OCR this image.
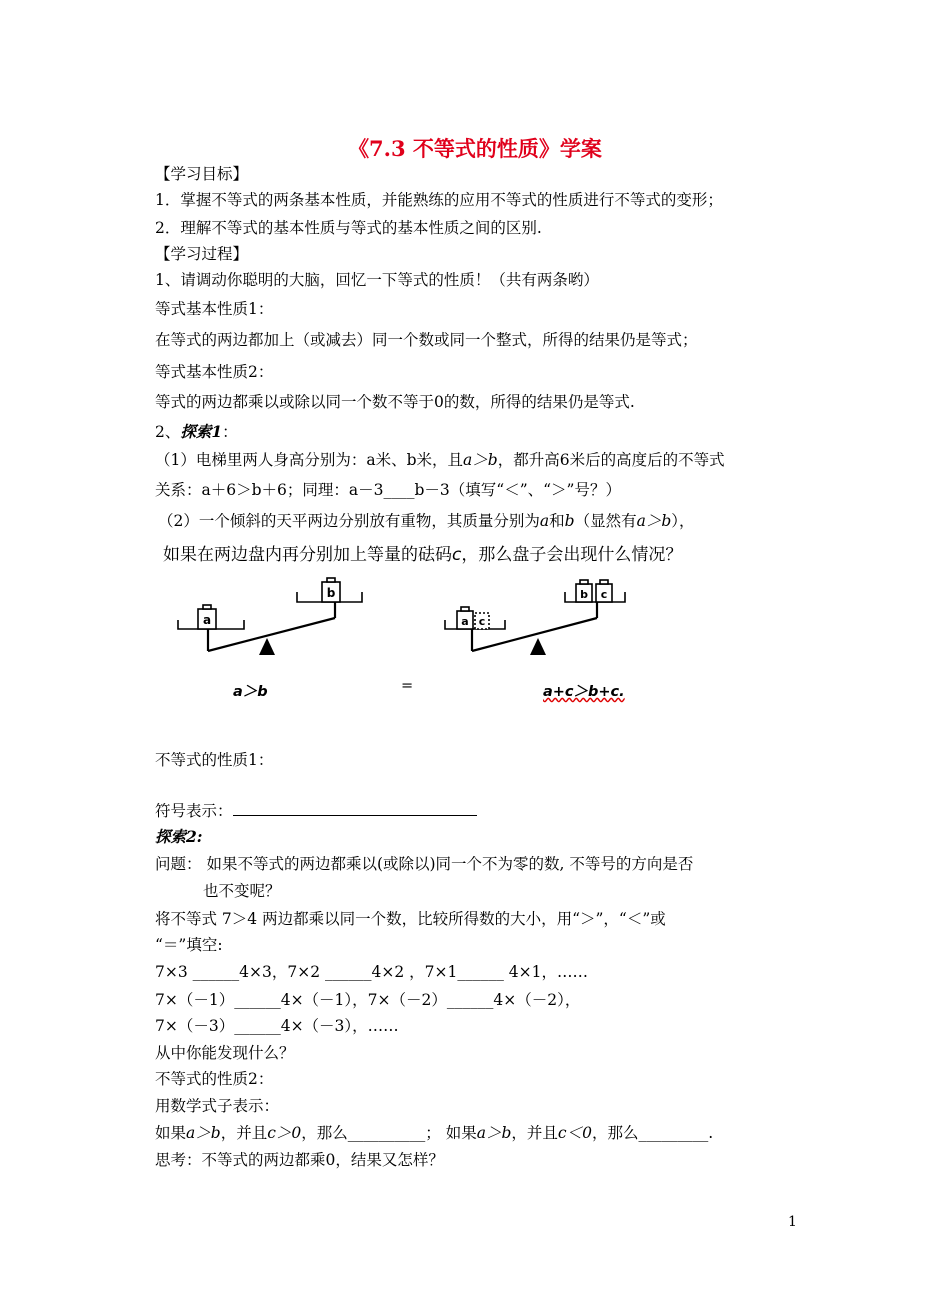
《7.3 不等式的性质》学案
【学习目标】
1．掌握不等式的两条基本性质，并能熟练的应用不等式的性质进行不等式的变形；
2．理解不等式的基本性质与等式的基本性质之间的区别.
【学习过程】
1、请调动你聪明的大脑，回忆一下等式的性质！（共有两条哟）
等式基本性质1：
在等式的两边都加上（或减去）同一个数或同一个整式，所得的结果仍是等式；
等式基本性质2：
等式的两边都乘以或除以同一个数不等于0的数，所得的结果仍是等式.
2、探索1：
（1）电梯里两人身高分别为：a米、b米，且a＞b，都升高6米后的高度后的不等式
关系：a＋6＞b＋6；同理：a－3____b－3（填写“＜”、“＞”号？）
（2）一个倾斜的天平两边分别放有重物，其质量分别为a和b（显然有a＞b），
如果在两边盘内再分别加上等量的砝码c，那么盘子会出现什么情况？
a
b
a c
b c
a＞b	=	a+c＞b+c.
不等式的性质1：
符号表示：
探索2:
问题： 如果不等式的两边都乘以(或除以)同一个不为零的数, 不等号的方向是否
也不变呢？
将不等式 7＞4 两边都乘以同一个数，比较所得数的大小，用“＞”，“＜”或
“＝”填空:
7×3 ______4×3，7×2 ______4×2 ，7×1______ 4×1，……
7×（－1）______4×（－1），7×（－2）______4×（－2），
7×（－3）______4×（－3），……
从中你能发现什么？
不等式的性质2：
用数学式子表示：
如果a＞b，并且c＞0，那么__________； 如果a＞b，并且c＜0，那么_________.
思考：不等式的两边都乘0，结果又怎样？
1
